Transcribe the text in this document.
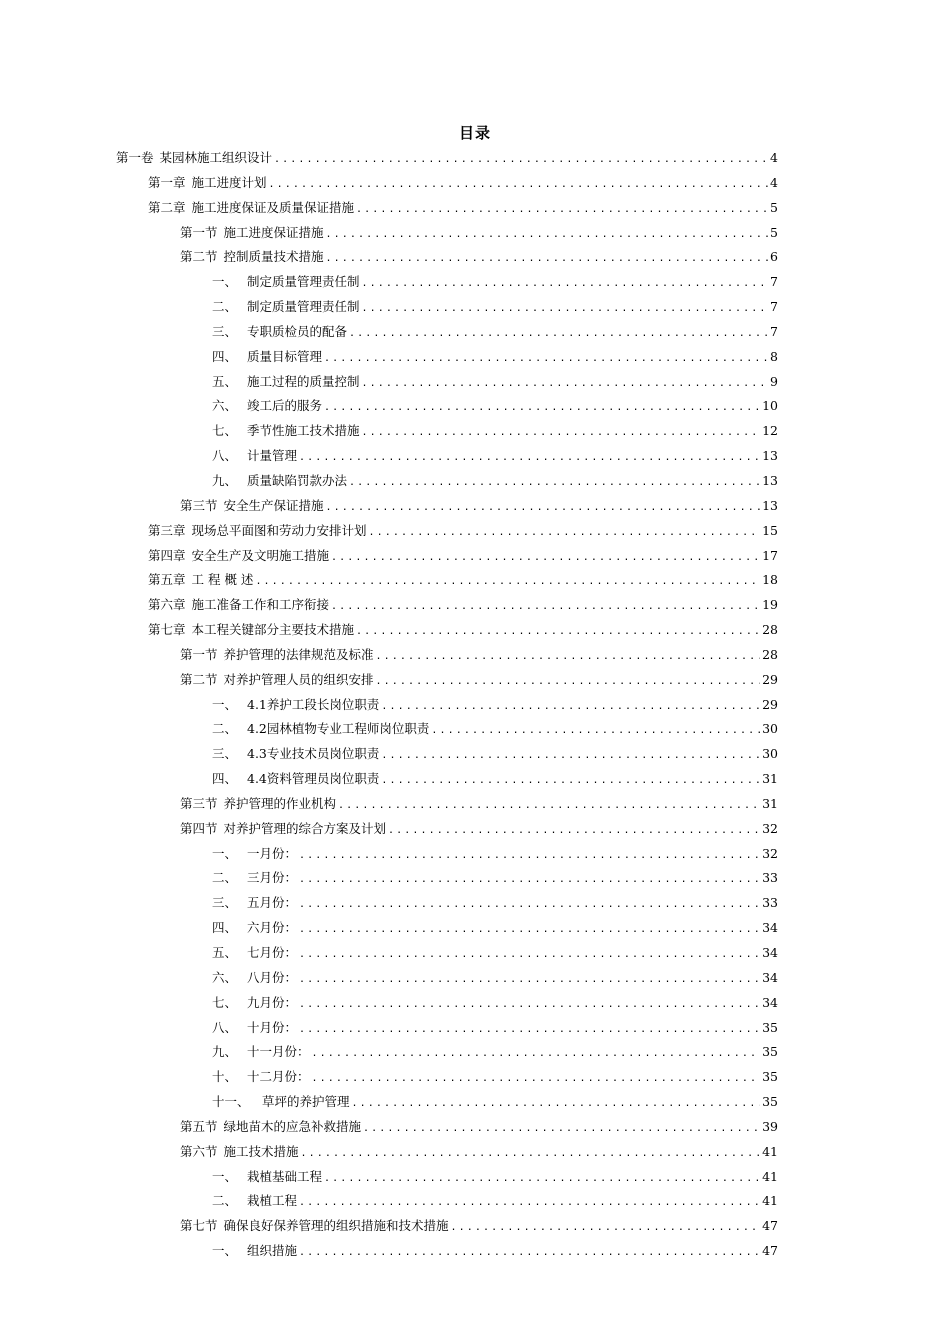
目录
第一卷 某园林施工组织设计 .....	4
第一章 施工进度计划 .....	4
第二章 施工进度保证及质量保证措施 .....	5
第一节 施工进度保证措施 .....	5
第二节 控制质量技术措施 .....	6
一、 制定质量管理责任制 .....	7
二、 制定质量管理责任制 .....	7
三、 专职质检员的配备 .....	7
四、 质量目标管理 .....	8
五、 施工过程的质量控制 .....	9
六、 竣工后的服务 .....	10
七、 季节性施工技术措施 .....	12
八、 计量管理 .....	13
九、 质量缺陷罚款办法 .....	13
第三节 安全生产保证措施 .....	13
第三章 现场总平面图和劳动力安排计划 .....	15
第四章 安全生产及文明施工措施 .....	17
第五章 工 程 概 述 .....	18
第六章 施工准备工作和工序衔接 .....	19
第七章 本工程关键部分主要技术措施 .....	28
第一节 养护管理的法律规范及标准 .....	28
第二节 对养护管理人员的组织安排 .....	29
一、 4.1养护工段长岗位职责 .....	29
二、 4.2园林植物专业工程师岗位职责 .....	30
三、 4.3专业技术员岗位职责 .....	30
四、 4.4资料管理员岗位职责 .....	31
第三节 养护管理的作业机构 .....	31
第四节 对养护管理的综合方案及计划 .....	32
一、 一月份： .....	32
二、 三月份： .....	33
三、 五月份： .....	33
四、 六月份： .....	34
五、 七月份： .....	34
六、 八月份： .....	34
七、 九月份： .....	34
八、 十月份： .....	35
九、 十一月份： .....	35
十、 十二月份： .....	35
十一、 草坪的养护管理 .....	35
第五节 绿地苗木的应急补救措施 .....	39
第六节 施工技术措施 .....	41
一、 栽植基础工程 .....	41
二、 栽植工程 .....	41
第七节 确保良好保养管理的组织措施和技术措施 .....	47
一、 组织措施 .....	47
